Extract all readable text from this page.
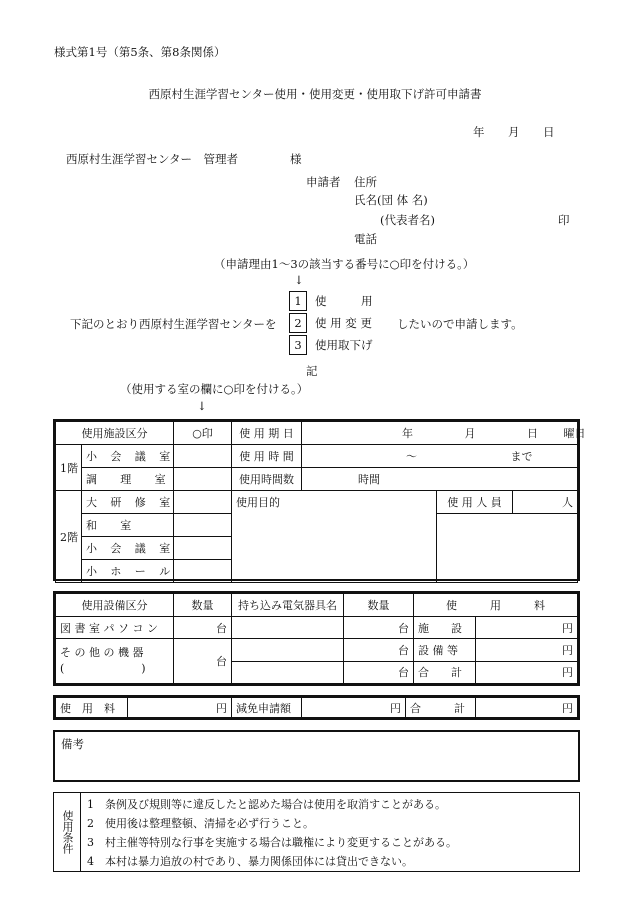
様式第1号（第5条、第8条関係）
西原村生涯学習センター使用・使用変更・使用取下げ許可申請書
年 月 日
西原村生涯学習センター　管理者	様
申請者 住所
氏名(団 体 名)
(代表者名)	印
電話
（申請理由1～3の該当する番号に○印を付ける。）
↓
下記のとおり西原村生涯学習センターを
1	使　　　用
2	使 用 変 更
3	使用取下げ
したいので申請します。
記
（使用する室の欄に○印を付ける。）
↓
使用施設区分		○印	使 用 期 日	年 月 日 曜日		
1階	小 会 議 室		使 用 時 間	～ まで		
	調 理 室		使用時間数	時間		
2階	大 研 修 室		使用目的		使 用 人 員	人
	和 室					
	小 会 議 室					
	小 ホ ー ル					
使用設備区分	数量	持ち込み電気器具名	数量	使　　　用　　　料	
図 書 室 パ ソ コ ン	台		台	施　　設	円

そ の 他 の 機 器
(　　　　　　　)	台		台	設 備 等	円
			台	合　　計	円
使　用　料	円	減免申請額	円	合　　　計	円
備考
使用条件
1　条例及び規則等に違反したと認めた場合は使用を取消すことがある。
2　使用後は整理整頓、清掃を必ず行うこと。
3　村主催等特別な行事を実施する場合は職権により変更することがある。
4　本村は暴力追放の村であり、暴力関係団体には貸出できない。
